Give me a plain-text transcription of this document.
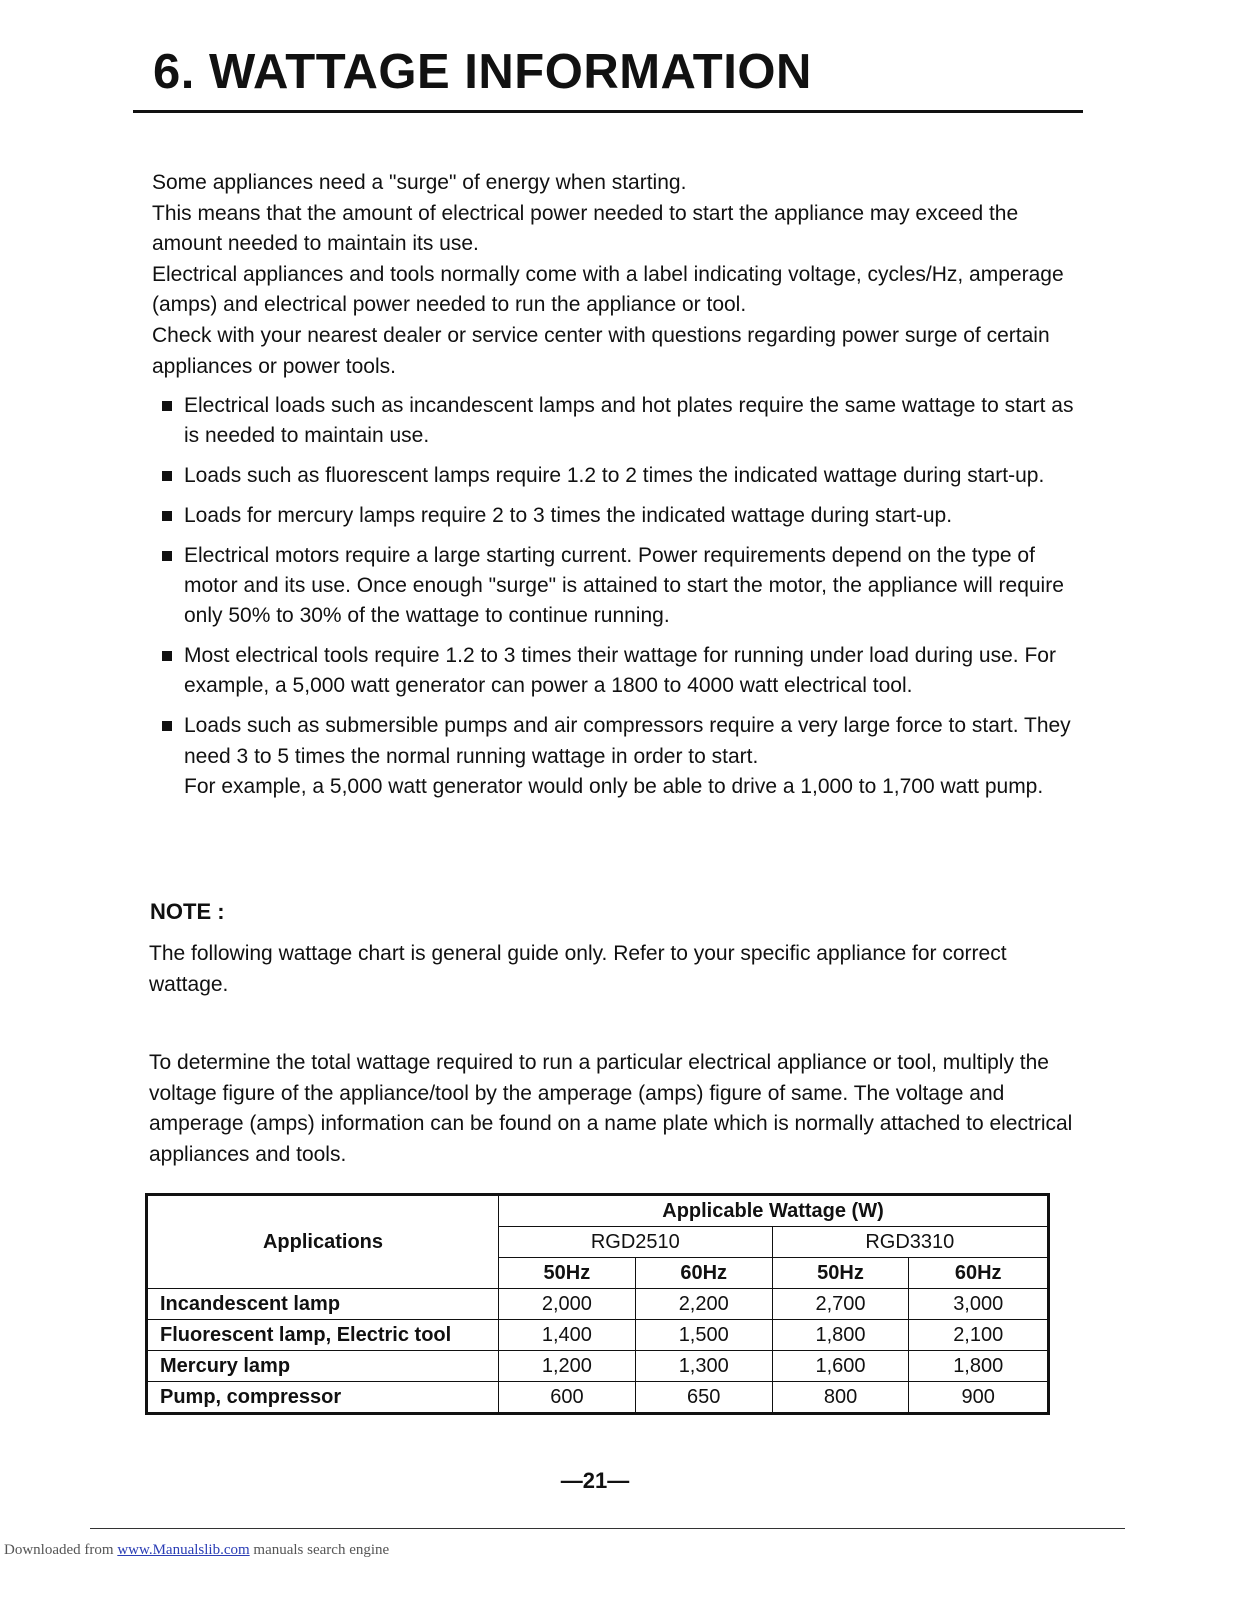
6. WATTAGE INFORMATION

Some appliances need a "surge" of energy when starting.

This means that the amount of electrical power needed to start the appliance may exceed the amount needed to maintain its use.

Electrical appliances and tools normally come with a label indicating voltage, cycles/Hz, amperage (amps) and electrical power needed to run the appliance or tool.

Check with your nearest dealer or service center with questions regarding power surge of certain appliances or power tools.

Electrical loads such as incandescent lamps and hot plates require the same wattage to start as is needed to maintain use.
Loads such as fluorescent lamps require 1.2 to 2 times the indicated wattage during start-up.
Loads for mercury lamps require 2 to 3 times the indicated wattage during start-up.
Electrical motors require a large starting current. Power requirements depend on the type of motor and its use. Once enough "surge" is attained to start the motor, the appliance will require only 50% to 30% of the wattage to continue running.
Most electrical tools require 1.2 to 3 times their wattage for running under load during use. For example, a 5,000 watt generator can power a 1800 to 4000 watt electrical tool.
Loads such as submersible pumps and air compressors require a very large force to start. They need 3 to 5 times the normal running wattage in order to start.
For example, a 5,000 watt generator would only be able to drive a 1,000 to 1,700 watt pump.

NOTE :

The following wattage chart is general guide only. Refer to your specific appliance for correct wattage.

To determine the total wattage required to run a particular electrical appliance or tool, multiply the voltage figure of the appliance/tool by the amperage (amps) figure of same. The voltage and amperage (amps) information can be found on a name plate which is normally attached to electrical appliances and tools.

Applications	Applicable Wattage (W)			
	RGD2510		RGD3310	
	50Hz	60Hz	50Hz	60Hz
Incandescent lamp	2,000	2,200	2,700	3,000
Fluorescent lamp, Electric tool	1,400	1,500	1,800	2,100
Mercury lamp	1,200	1,300	1,600	1,800
Pump, compressor	600	650	800	900

—21—

Downloaded from www.Manualslib.com manuals search engine
